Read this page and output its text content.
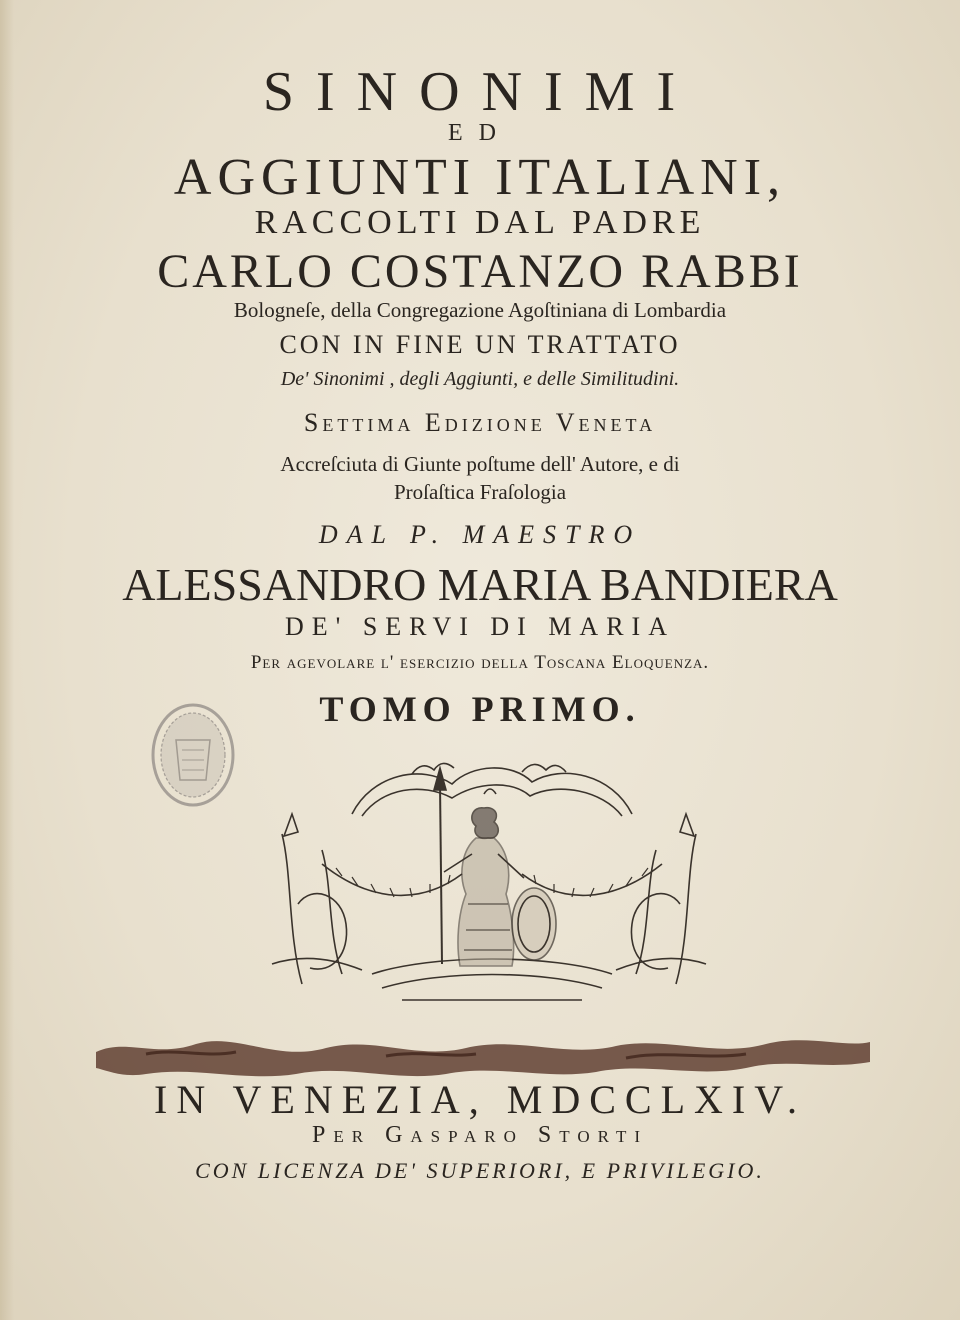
SINONIMI
ED
AGGIUNTI ITALIANI,
RACCOLTI DAL PADRE
CARLO COSTANZO RABBI
Bologneſe, della Congregazione Agoſtiniana di Lombardia
CON IN FINE UN TRATTATO
De' Sinonimi , degli Aggiunti, e delle Similitudini.
Settima Edizione Veneta
Accreſciuta di Giunte poſtume dell' Autore, e di
Proſaſtica Fraſologia
DAL P. MAESTRO
ALESSANDRO MARIA BANDIERA
DE' SERVI DI MARIA
Per agevolare l' esercizio della Toscana Eloquenza.
TOMO PRIMO.
IN VENEZIA, MDCCLXIV.
Per Gasparo Storti
CON LICENZA DE' SUPERIORI, E PRIVILEGIO.
